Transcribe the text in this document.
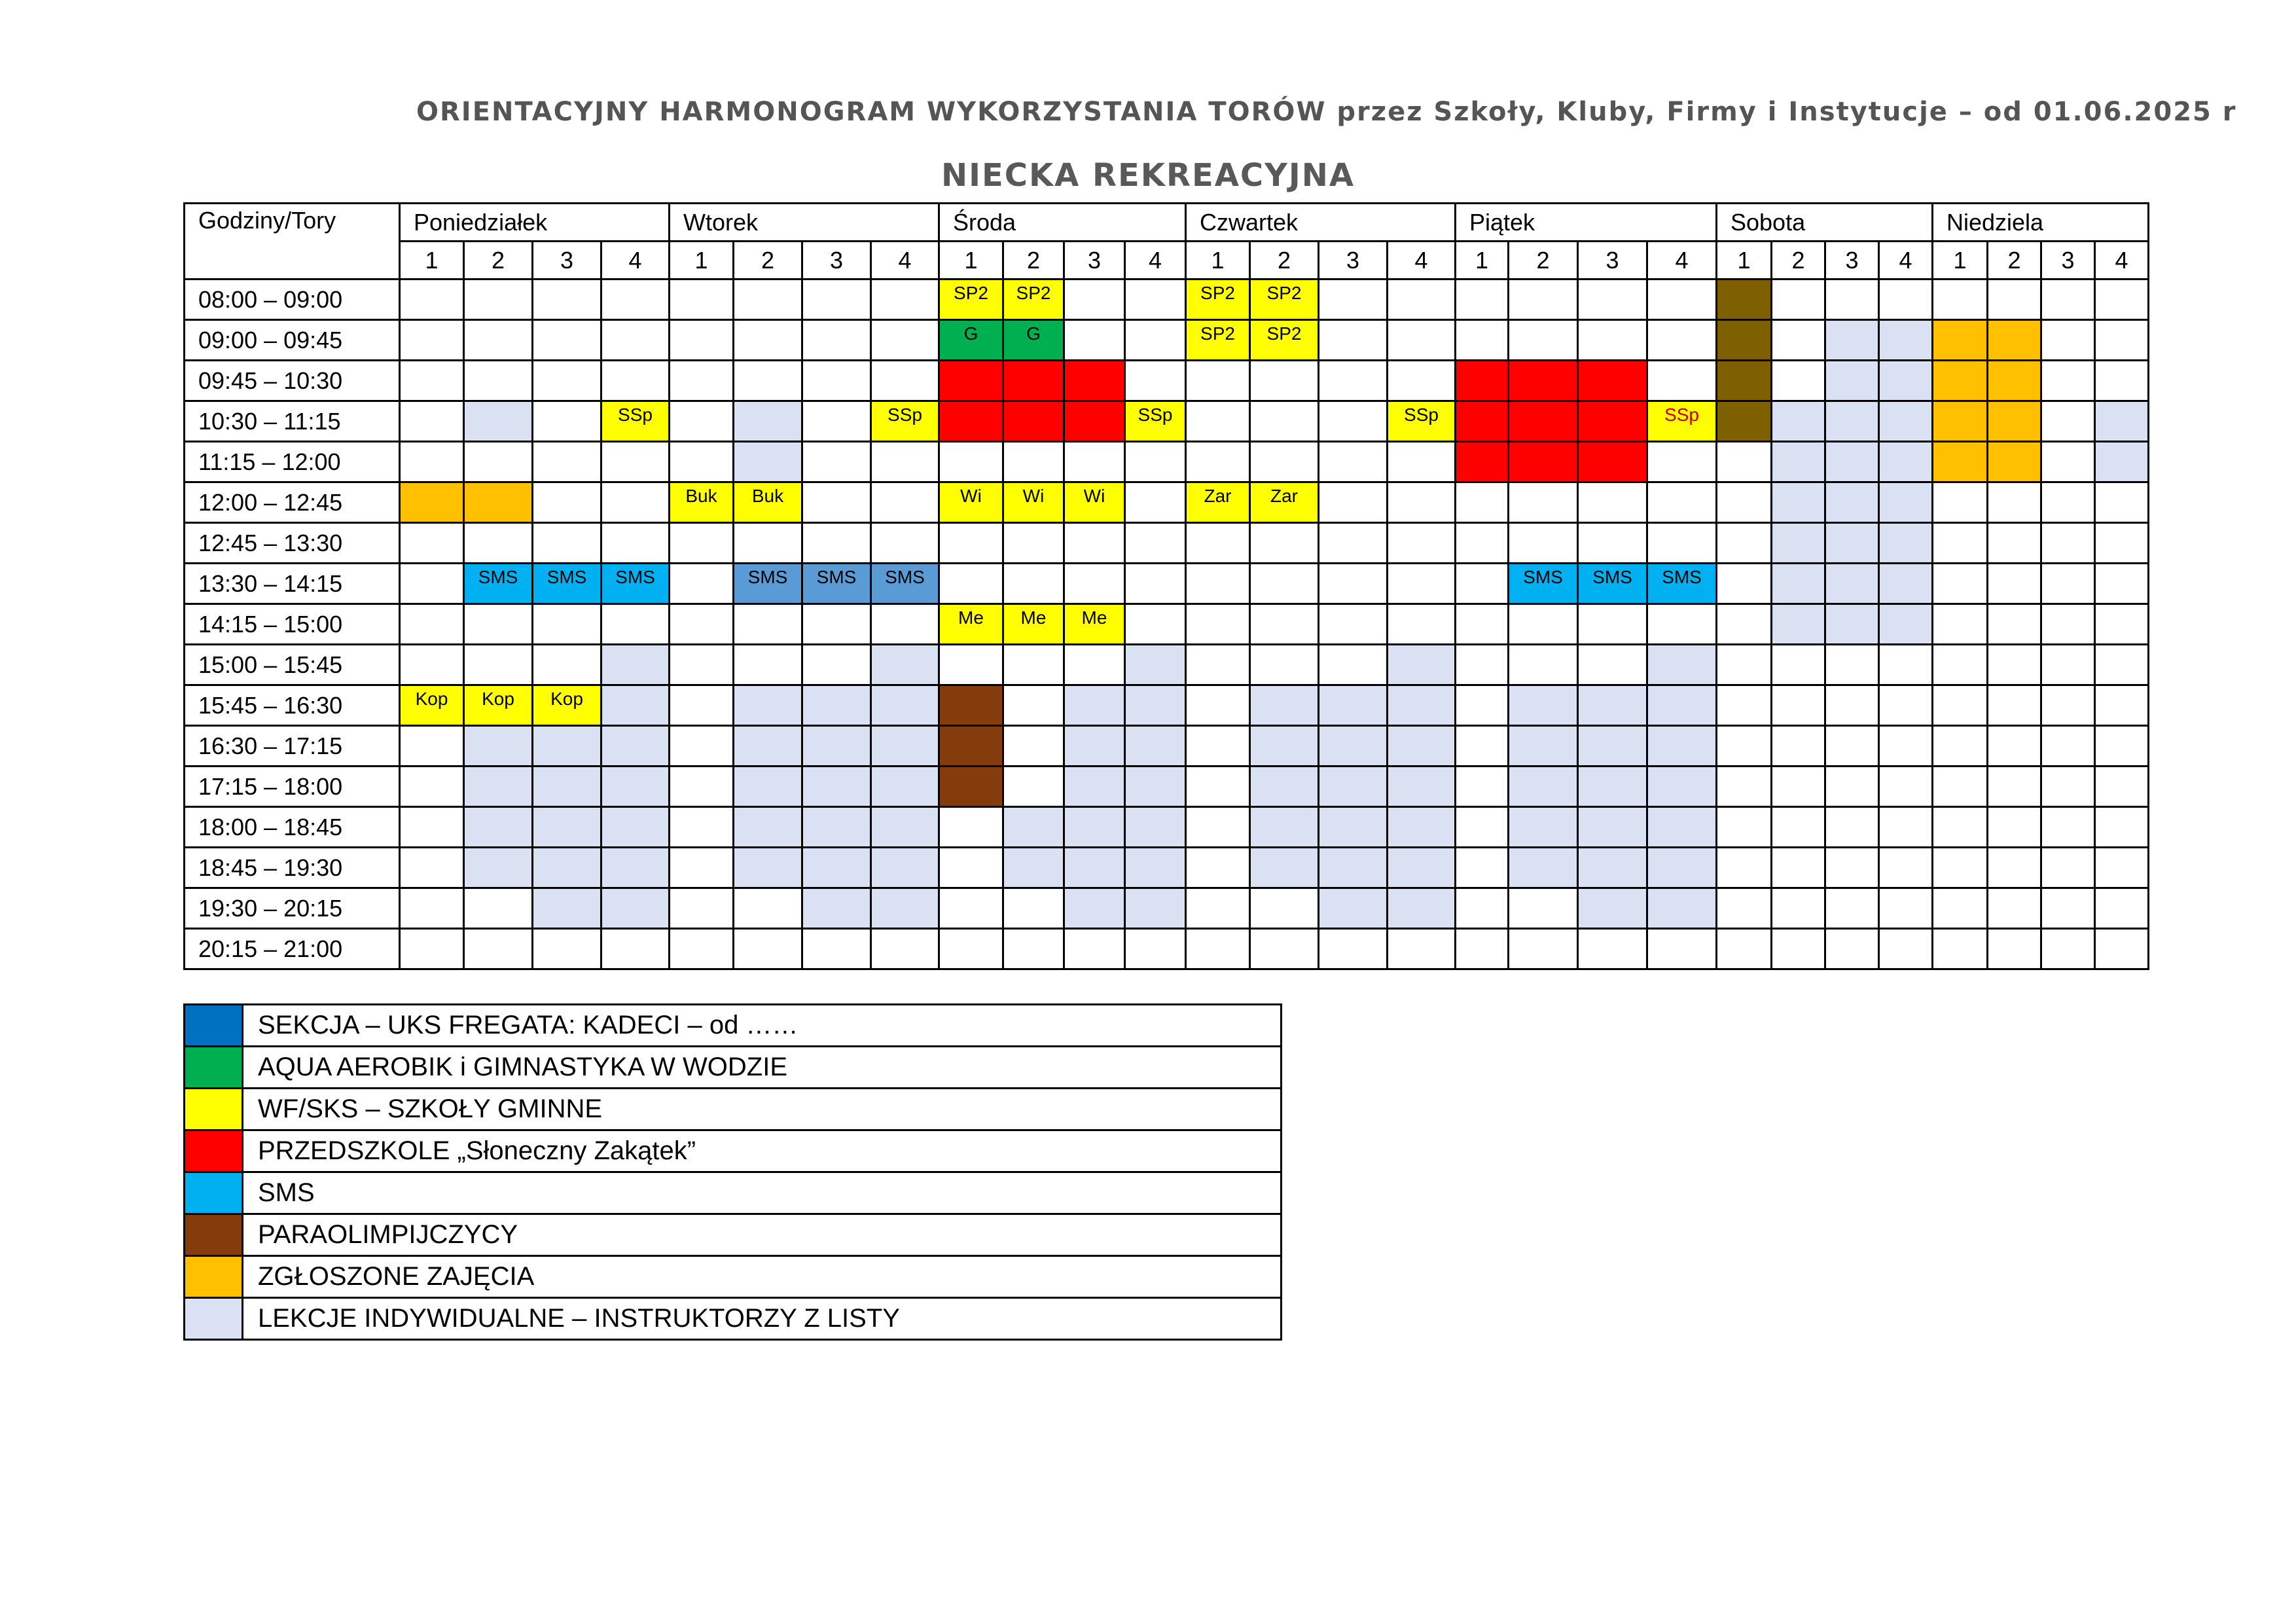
ORIENTACYJNY HARMONOGRAM WYKORZYSTANIA TORÓW przez Szkoły, Kluby, Firmy i Instytucje – od 01.06.2025 r
NIECKA REKREACYJNA
Godziny/Tory	Poniedziałek				Wtorek				Środa				Czwartek				Piątek				Sobota				Niedziela			
	1	2	3	4	1	2	3	4	1	2	3	4	1	2	3	4	1	2	3	4	1	2	3	4	1	2	3	4
08:00 – 09:00									SP2	SP2			SP2	SP2														
09:00 – 09:45									G	G			SP2	SP2														
09:45 – 10:30																												
10:30 – 11:15				SSp				SSp				SSp				SSp				SSp								
11:15 – 12:00																												
12:00 – 12:45					Buk	Buk			Wi	Wi	Wi		Zar	Zar														
12:45 – 13:30																												
13:30 – 14:15		SMS	SMS	SMS		SMS	SMS	SMS										SMS	SMS	SMS								
14:15 – 15:00									Me	Me	Me																	
15:00 – 15:45																												
15:45 – 16:30	Kop	Kop	Kop																									
16:30 – 17:15																												
17:15 – 18:00																												
18:00 – 18:45																												
18:45 – 19:30																												
19:30 – 20:15																												
20:15 – 21:00																												
	SEKCJA – UKS FREGATA: KADECI – od ……
	AQUA AEROBIK i GIMNASTYKA W WODZIE
	WF/SKS – SZKOŁY GMINNE
	PRZEDSZKOLE „Słoneczny Zakątek”
	SMS
	PARAOLIMPIJCZYCY
	ZGŁOSZONE ZAJĘCIA
	LEKCJE INDYWIDUALNE – INSTRUKTORZY Z LISTY
